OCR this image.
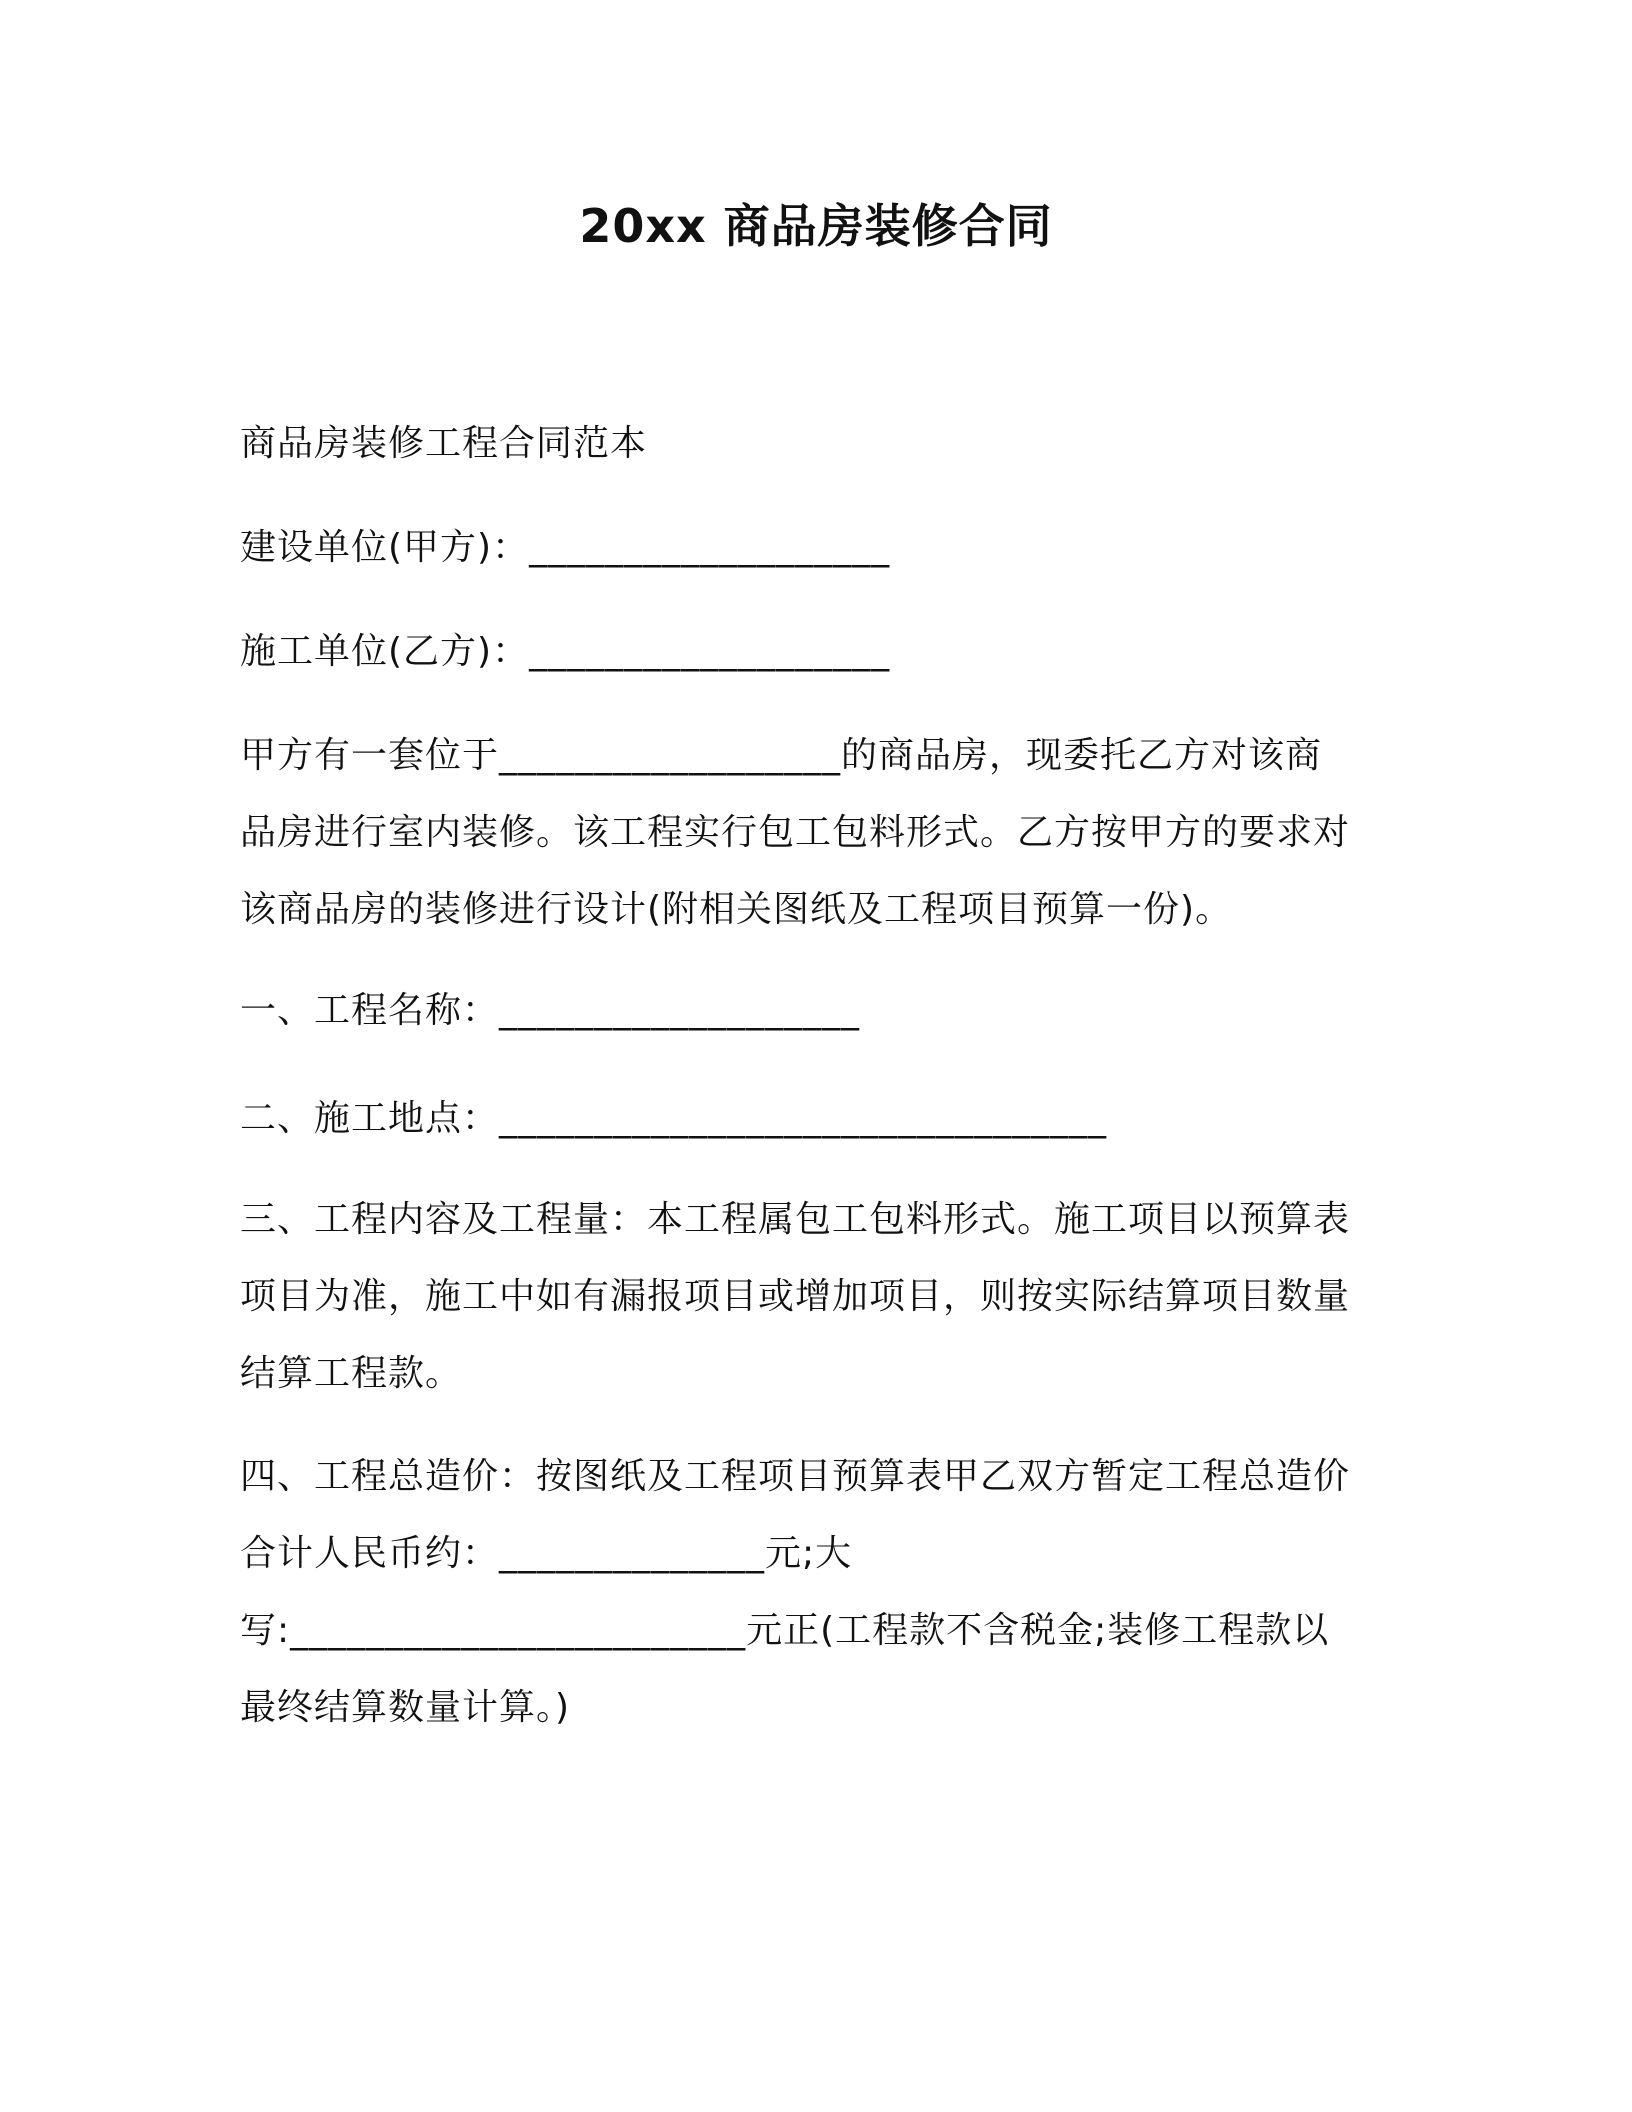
20xx 商品房装修合同
商品房装修工程合同范本
建设单位(甲方)：___________________
施工单位(乙方)：___________________
甲方有一套位于__________________的商品房，现委托乙方对该商
品房进行室内装修。该工程实行包工包料形式。乙方按甲方的要求对
该商品房的装修进行设计(附相关图纸及工程项目预算一份)。
一、工程名称：___________________
二、施工地点：________________________________
三、工程内容及工程量：本工程属包工包料形式。施工项目以预算表
项目为准，施工中如有漏报项目或增加项目，则按实际结算项目数量
结算工程款。
四、工程总造价：按图纸及工程项目预算表甲乙双方暂定工程总造价
合计人民币约：______________元;大
写:________________________元正(工程款不含税金;装修工程款以
最终结算数量计算。)
